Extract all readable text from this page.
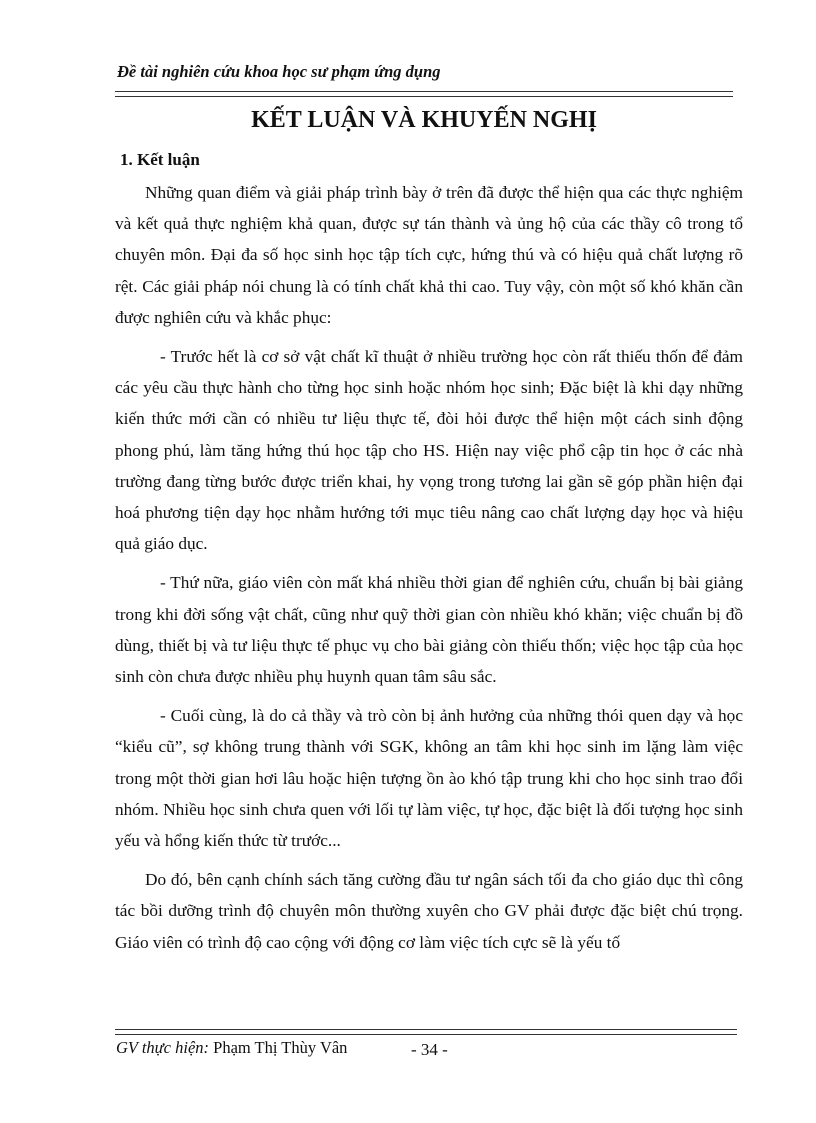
Đề tài nghiên cứu khoa học sư phạm ứng dụng
KẾT LUẬN VÀ KHUYẾN NGHỊ
1. Kết luận

Những quan điểm và giải pháp trình bày ở trên đã được thể hiện qua các thực nghiệm và kết quả thực nghiệm khả quan, được sự tán thành và ủng hộ của các thầy cô trong tổ chuyên môn. Đại đa số học sinh học tập tích cực, hứng thú và có hiệu quả chất lượng rõ rệt. Các giải pháp nói chung là có tính chất khả thi cao. Tuy vậy, còn một số khó khăn cần được nghiên cứu và khắc phục:

- Trước hết là cơ sở vật chất kĩ thuật ở nhiều trường học còn rất thiếu thốn để đảm các yêu cầu thực hành cho từng học sinh hoặc nhóm học sinh; Đặc biệt là khi dạy những kiến thức mới cần có nhiều tư liệu thực tế, đòi hỏi được thể hiện một cách sinh động phong phú, làm tăng hứng thú học tập cho HS. Hiện nay việc phổ cập tin học ở các nhà trường đang từng bước được triển khai, hy vọng trong tương lai gần sẽ góp phần hiện đại hoá phương tiện dạy học nhằm hướng tới mục tiêu nâng cao chất lượng dạy học và hiệu quả giáo dục.

- Thứ nữa, giáo viên còn mất khá nhiều thời gian để nghiên cứu, chuẩn bị bài giảng trong khi đời sống vật chất, cũng như quỹ thời gian còn nhiều khó khăn; việc chuẩn bị đồ dùng, thiết bị và tư liệu thực tế phục vụ cho bài giảng còn thiếu thốn; việc học tập của học sinh còn chưa được nhiều phụ huynh quan tâm sâu sắc.

- Cuối cùng, là do cả thầy và trò còn bị ảnh hưởng của những thói quen dạy và học “kiểu cũ”, sợ không trung thành với SGK, không an tâm khi học sinh im lặng làm việc trong một thời gian hơi lâu hoặc hiện tượng ồn ào khó tập trung khi cho học sinh trao đổi nhóm. Nhiều học sinh chưa quen với lối tự làm việc, tự học, đặc biệt là đối tượng học sinh yếu và hổng kiến thức từ trước...

Do đó, bên cạnh chính sách tăng cường đầu tư ngân sách tối đa cho giáo dục thì công tác bồi dưỡng trình độ chuyên môn thường xuyên cho GV phải được đặc biệt chú trọng. Giáo viên có trình độ cao cộng với động cơ làm việc tích cực sẽ là yếu tố

GV thực hiện: Phạm Thị Thùy Vân	- 34 -
